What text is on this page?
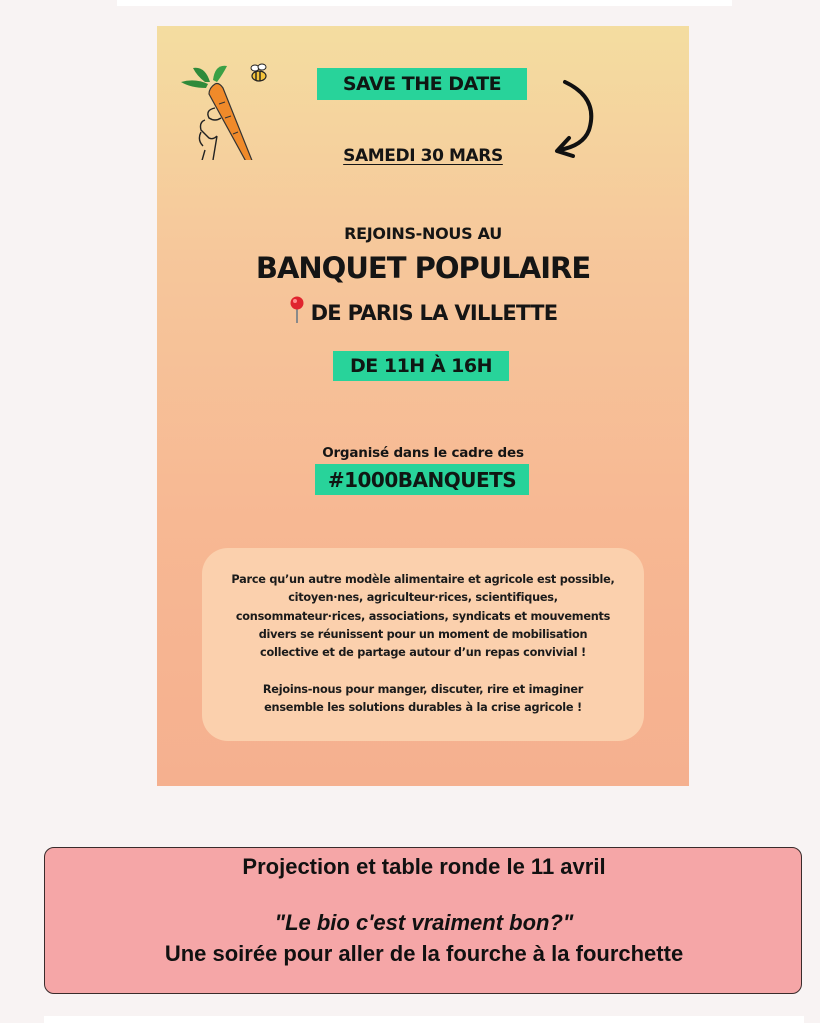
SAVE THE DATE
SAMEDI 30 MARS
REJOINS-NOUS AU
BANQUET POPULAIRE
DE PARIS LA VILLETTE
DE 11H À 16H
Organisé dans le cadre des
#1000BANQUETS
Parce qu’un autre modèle alimentaire et agricole est possible,
citoyen·nes, agriculteur·rices, scientifiques,
consommateur·rices, associations, syndicats et mouvements
divers se réunissent pour un moment de mobilisation
collective et de partage autour d’un repas convivial !
Rejoins-nous pour manger, discuter, rire et imaginer
ensemble les solutions durables à la crise agricole !
Projection et table ronde le 11 avril
"Le bio c'est vraiment bon?"
Une soirée pour aller de la fourche à la fourchette
